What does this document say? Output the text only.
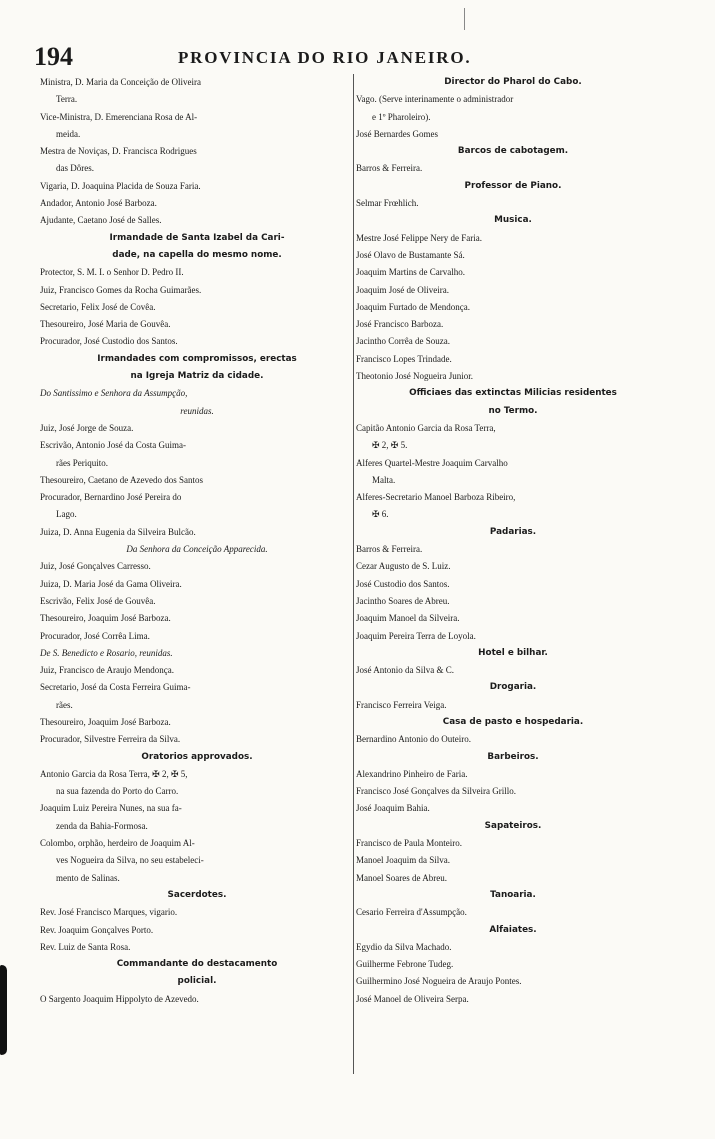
194	PROVINCIA DO RIO JANEIRO.
Ministra, D. Maria da Conceição de Oliveira
Terra.
Vice-Ministra, D. Emerenciana Rosa de Al-
meida.
Mestra de Noviças, D. Francisca Rodrigues
das Dôres.
Vigaria, D. Joaquina Placida de Souza Faria.
Andador, Antonio José Barboza.
Ajudante, Caetano José de Salles.
Irmandade de Santa Izabel da Cari-
dade, na capella do mesmo nome.
Protector, S. M. I. o Senhor D. Pedro II.
Juiz, Francisco Gomes da Rocha Guimarães.
Secretario, Felix José de Covêa.
Thesoureiro, José Maria de Gouvêa.
Procurador, José Custodio dos Santos.
Irmandades com compromissos, erectas
na Igreja Matriz da cidade.
Do Santissimo e Senhora da Assumpção,
reunidas.
Juiz, José Jorge de Souza.
Escrivão, Antonio José da Costa Guima-
rães Periquito.
Thesoureiro, Caetano de Azevedo dos Santos
Procurador, Bernardino José Pereira do
Lago.
Juiza, D. Anna Eugenia da Silveira Bulcão.
Da Senhora da Conceição Apparecida.
Juiz, José Gonçalves Carresso.
Juiza, D. Maria José da Gama Oliveira.
Escrivão, Felix José de Gouvêa.
Thesoureiro, Joaquim José Barboza.
Procurador, José Corrêa Lima.
De S. Benedicto e Rosario, reunidas.
Juiz, Francisco de Araujo Mendonça.
Secretario, José da Costa Ferreira Guima-
rães.
Thesoureiro, Joaquim José Barboza.
Procurador, Silvestre Ferreira da Silva.
Oratorios approvados.
Antonio Garcia da Rosa Terra, ✠ 2, ✠ 5,
na sua fazenda do Porto do Carro.
Joaquim Luiz Pereira Nunes, na sua fa-
zenda da Bahia-Formosa.
Colombo, orphão, herdeiro de Joaquim Al-
ves Nogueira da Silva, no seu estabeleci-
mento de Salinas.
Sacerdotes.
Rev. José Francisco Marques, vigario.
Rev. Joaquim Gonçalves Porto.
Rev. Luiz de Santa Rosa.
Commandante do destacamento
policial.
O Sargento Joaquim Hippolyto de Azevedo.
Director do Pharol do Cabo.
Vago. (Serve interinamente o administrador
e 1º Pharoleiro).
José Bernardes Gomes
Barcos de cabotagem.
Barros & Ferreira.
Professor de Piano.
Selmar Frœhlich.
Musica.
Mestre José Felippe Nery de Faria.
José Olavo de Bustamante Sá.
Joaquim Martins de Carvalho.
Joaquim José de Oliveira.
Joaquim Furtado de Mendonça.
José Francisco Barboza.
Jacintho Corrêa de Souza.
Francisco Lopes Trindade.
Theotonio José Nogueira Junior.
Officiaes das extinctas Milicias residentes
no Termo.
Capitão Antonio Garcia da Rosa Terra,
✠ 2, ✠ 5.
Alferes Quartel-Mestre Joaquim Carvalho
Malta.
Alferes-Secretario Manoel Barboza Ribeiro,
✠ 6.
Padarias.
Barros & Ferreira.
Cezar Augusto de S. Luiz.
José Custodio dos Santos.
Jacintho Soares de Abreu.
Joaquim Manoel da Silveira.
Joaquim Pereira Terra de Loyola.
Hotel e bilhar.
José Antonio da Silva & C.
Drogaria.
Francisco Ferreira Veiga.
Casa de pasto e hospedaria.
Bernardino Antonio do Outeiro.
Barbeiros.
Alexandrino Pinheiro de Faria.
Francisco José Gonçalves da Silveira Grillo.
José Joaquim Bahia.
Sapateiros.
Francisco de Paula Monteiro.
Manoel Joaquim da Silva.
Manoel Soares de Abreu.
Tanoaria.
Cesario Ferreira d'Assumpção.
Alfaiates.
Egydio da Silva Machado.
Guilherme Febrone Tudeg.
Guilhermino José Nogueira de Araujo Pontes.
José Manoel de Oliveira Serpa.
